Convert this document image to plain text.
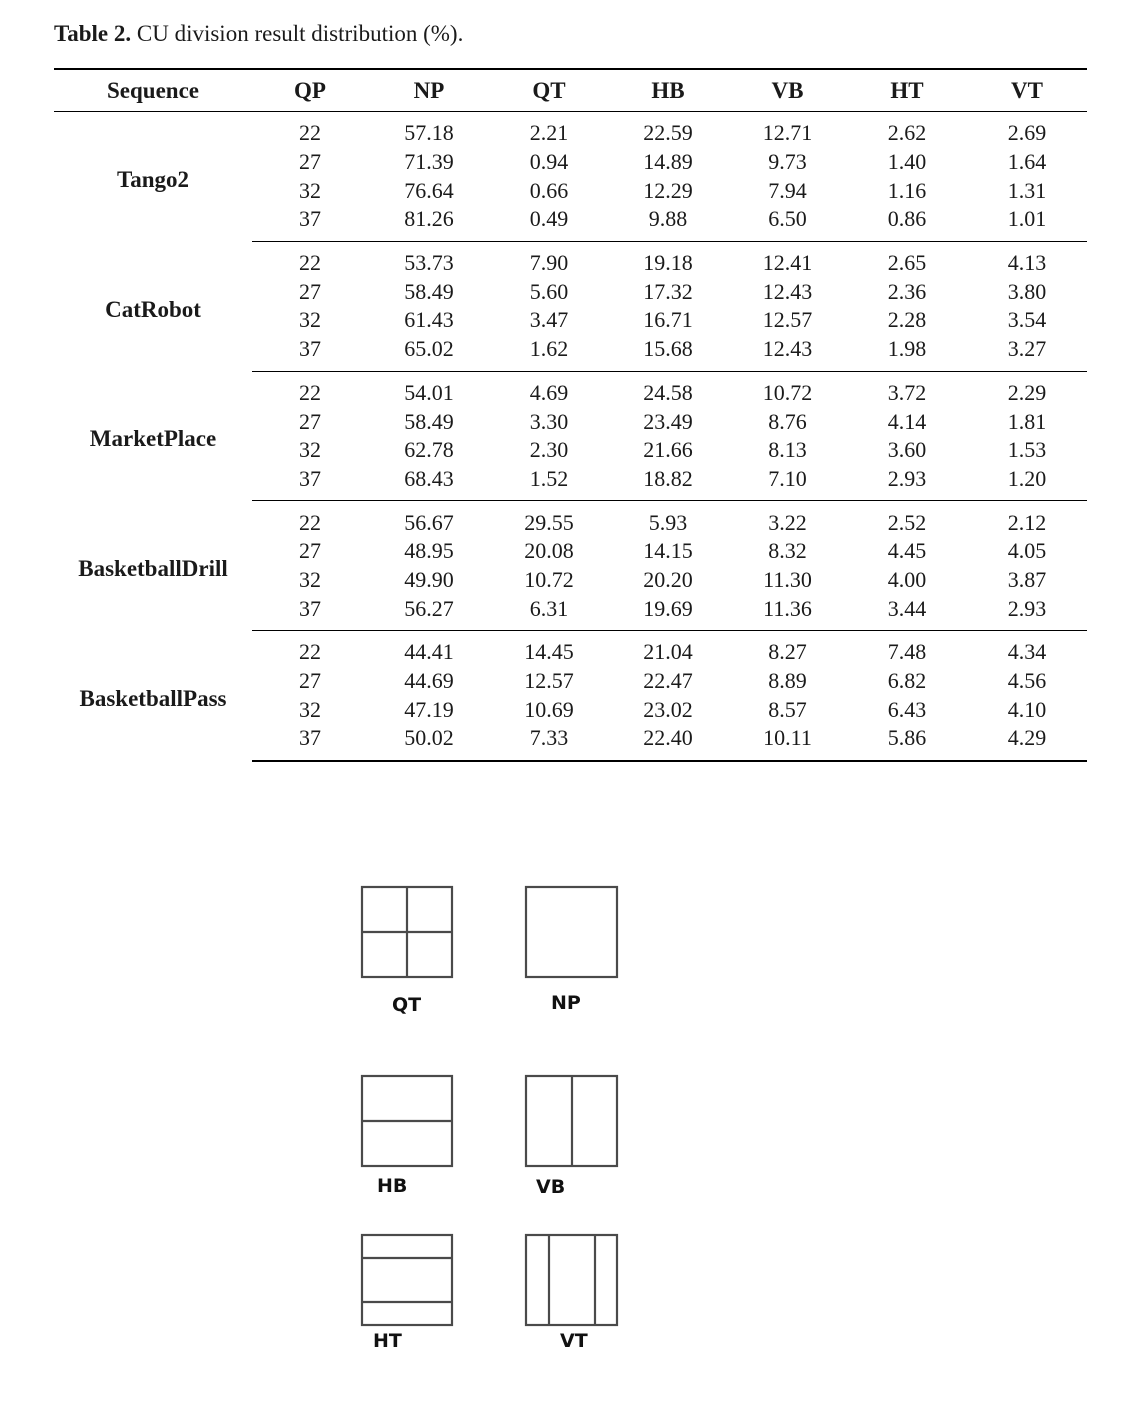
Table 2. CU division result distribution (%).
Sequence	QP	NP	QT	HB	VB	HT	VT
Tango2	22	57.18	2.21	22.59	12.71	2.62	2.69
	27	71.39	0.94	14.89	9.73	1.40	1.64
	32	76.64	0.66	12.29	7.94	1.16	1.31
	37	81.26	0.49	9.88	6.50	0.86	1.01
CatRobot	22	53.73	7.90	19.18	12.41	2.65	4.13
	27	58.49	5.60	17.32	12.43	2.36	3.80
	32	61.43	3.47	16.71	12.57	2.28	3.54
	37	65.02	1.62	15.68	12.43	1.98	3.27
MarketPlace	22	54.01	4.69	24.58	10.72	3.72	2.29
	27	58.49	3.30	23.49	8.76	4.14	1.81
	32	62.78	2.30	21.66	8.13	3.60	1.53
	37	68.43	1.52	18.82	7.10	2.93	1.20
BasketballDrill	22	56.67	29.55	5.93	3.22	2.52	2.12
	27	48.95	20.08	14.15	8.32	4.45	4.05
	32	49.90	10.72	20.20	11.30	4.00	3.87
	37	56.27	6.31	19.69	11.36	3.44	2.93
BasketballPass	22	44.41	14.45	21.04	8.27	7.48	4.34
	27	44.69	12.57	22.47	8.89	6.82	4.56
	32	47.19	10.69	23.02	8.57	6.43	4.10
	37	50.02	7.33	22.40	10.11	5.86	4.29
QT	NP
HB	VB
HT	VT
